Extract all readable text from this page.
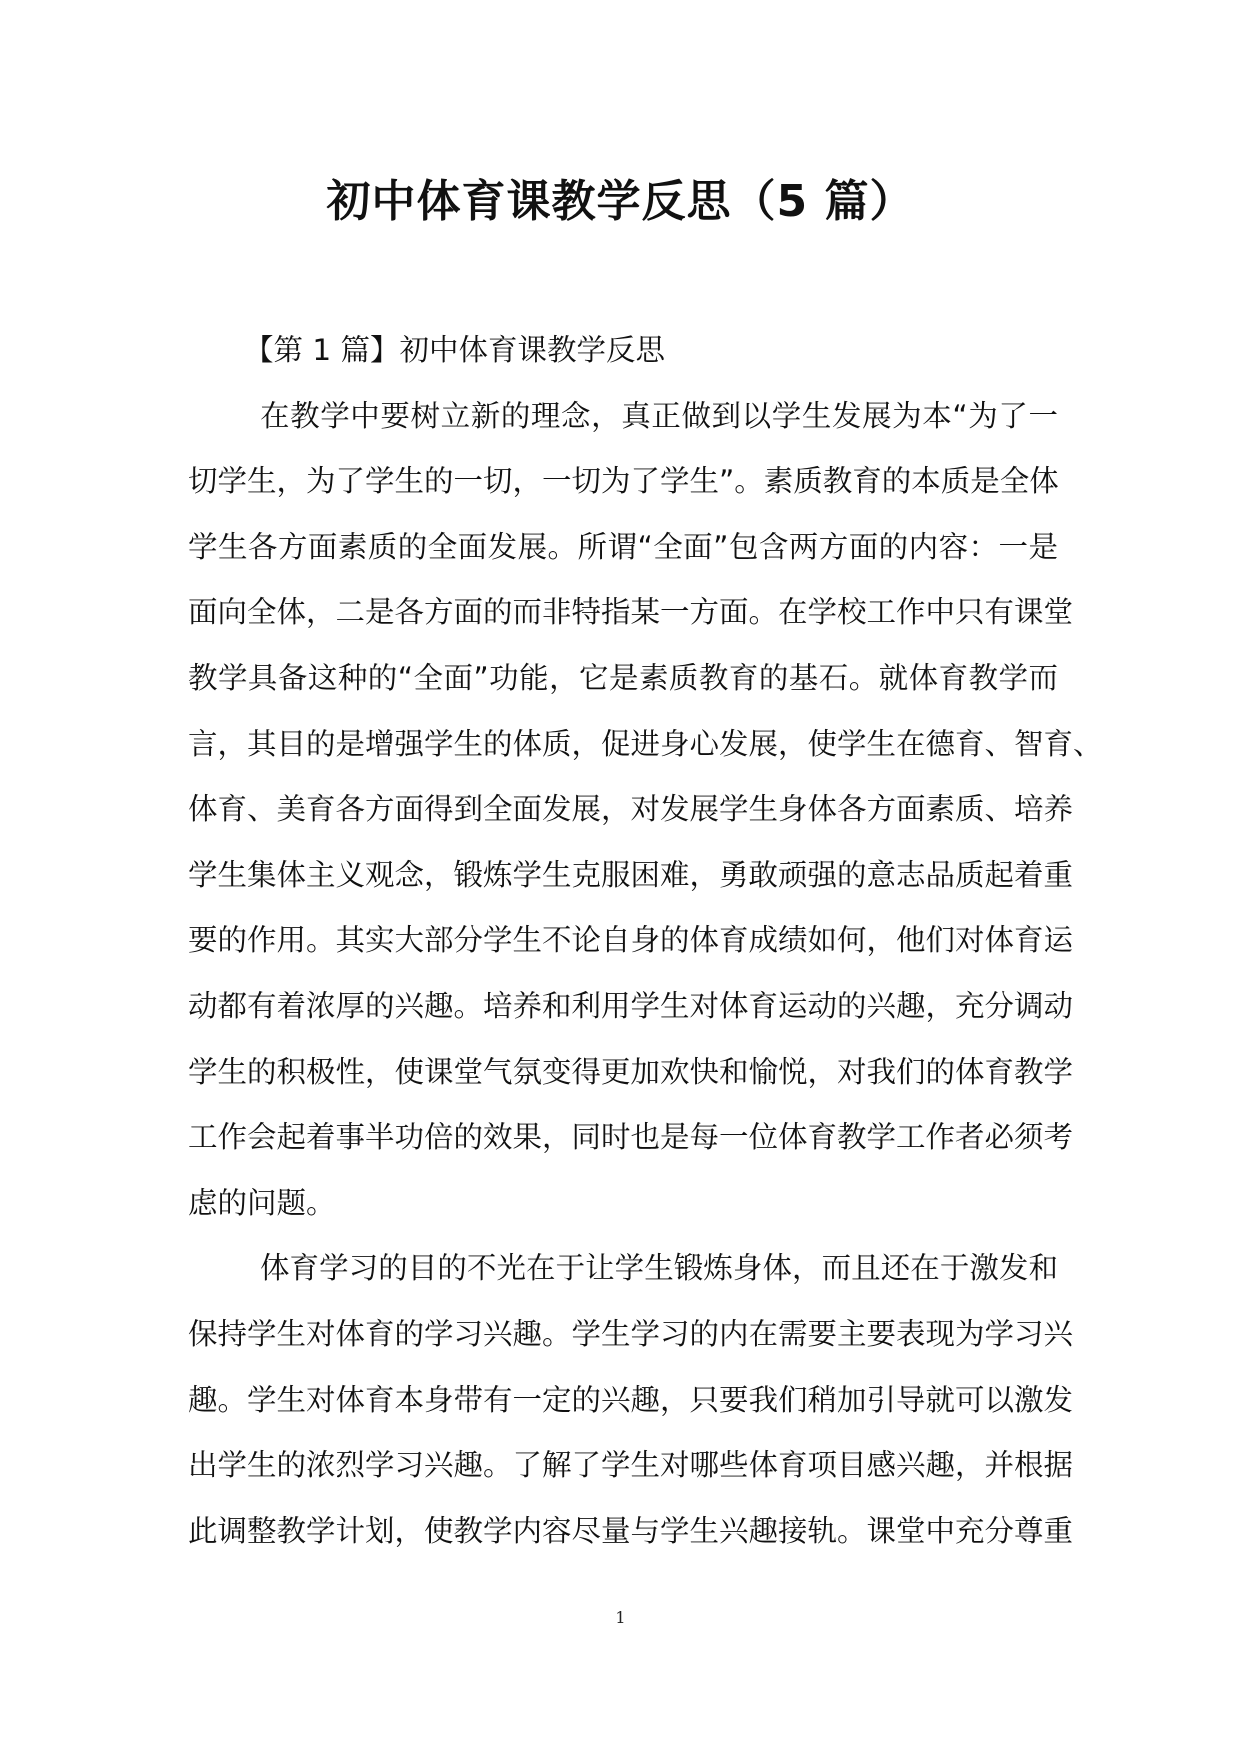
初中体育课教学反思（5 篇）
【第 1 篇】初中体育课教学反思
在教学中要树立新的理念，真正做到以学生发展为本“为了一
切学生，为了学生的一切，一切为了学生”。素质教育的本质是全体
学生各方面素质的全面发展。所谓“全面”包含两方面的内容：一是
面向全体，二是各方面的而非特指某一方面。在学校工作中只有课堂
教学具备这种的“全面”功能，它是素质教育的基石。就体育教学而
言，其目的是增强学生的体质，促进身心发展，使学生在德育、智育、
体育、美育各方面得到全面发展，对发展学生身体各方面素质、培养
学生集体主义观念，锻炼学生克服困难，勇敢顽强的意志品质起着重
要的作用。其实大部分学生不论自身的体育成绩如何，他们对体育运
动都有着浓厚的兴趣。培养和利用学生对体育运动的兴趣，充分调动
学生的积极性，使课堂气氛变得更加欢快和愉悦，对我们的体育教学
工作会起着事半功倍的效果，同时也是每一位体育教学工作者必须考
虑的问题。
体育学习的目的不光在于让学生锻炼身体，而且还在于激发和
保持学生对体育的学习兴趣。学生学习的内在需要主要表现为学习兴
趣。学生对体育本身带有一定的兴趣，只要我们稍加引导就可以激发
出学生的浓烈学习兴趣。了解了学生对哪些体育项目感兴趣，并根据
此调整教学计划，使教学内容尽量与学生兴趣接轨。课堂中充分尊重
1
